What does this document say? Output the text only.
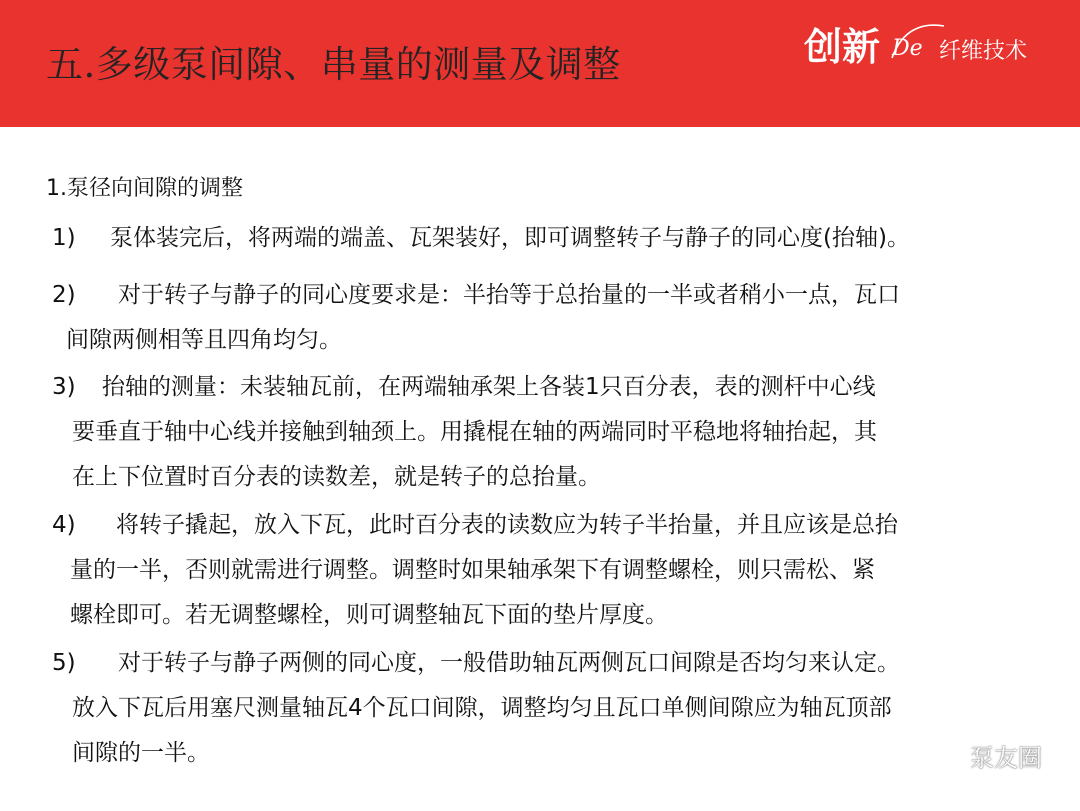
五.多级泵间隙、串量的测量及调整	创新 De 纤维技术
1.泵径向间隙的调整
1) 泵体装完后，将两端的端盖、瓦架装好，即可调整转子与静子的同心度(抬轴)。
2) 对于转子与静子的同心度要求是：半抬等于总抬量的一半或者稍小一点，瓦口
间隙两侧相等且四角均匀。
3) 抬轴的测量：未装轴瓦前，在两端轴承架上各装1只百分表，表的测杆中心线
要垂直于轴中心线并接触到轴颈上。用撬棍在轴的两端同时平稳地将轴抬起，其
在上下位置时百分表的读数差，就是转子的总抬量。
4) 将转子撬起，放入下瓦，此时百分表的读数应为转子半抬量，并且应该是总抬
量的一半，否则就需进行调整。调整时如果轴承架下有调整螺栓，则只需松、紧
螺栓即可。若无调整螺栓，则可调整轴瓦下面的垫片厚度。
5) 对于转子与静子两侧的同心度，一般借助轴瓦两侧瓦口间隙是否均匀来认定。
放入下瓦后用塞尺测量轴瓦4个瓦口间隙，调整均匀且瓦口单侧间隙应为轴瓦顶部
间隙的一半。	泵友圈
